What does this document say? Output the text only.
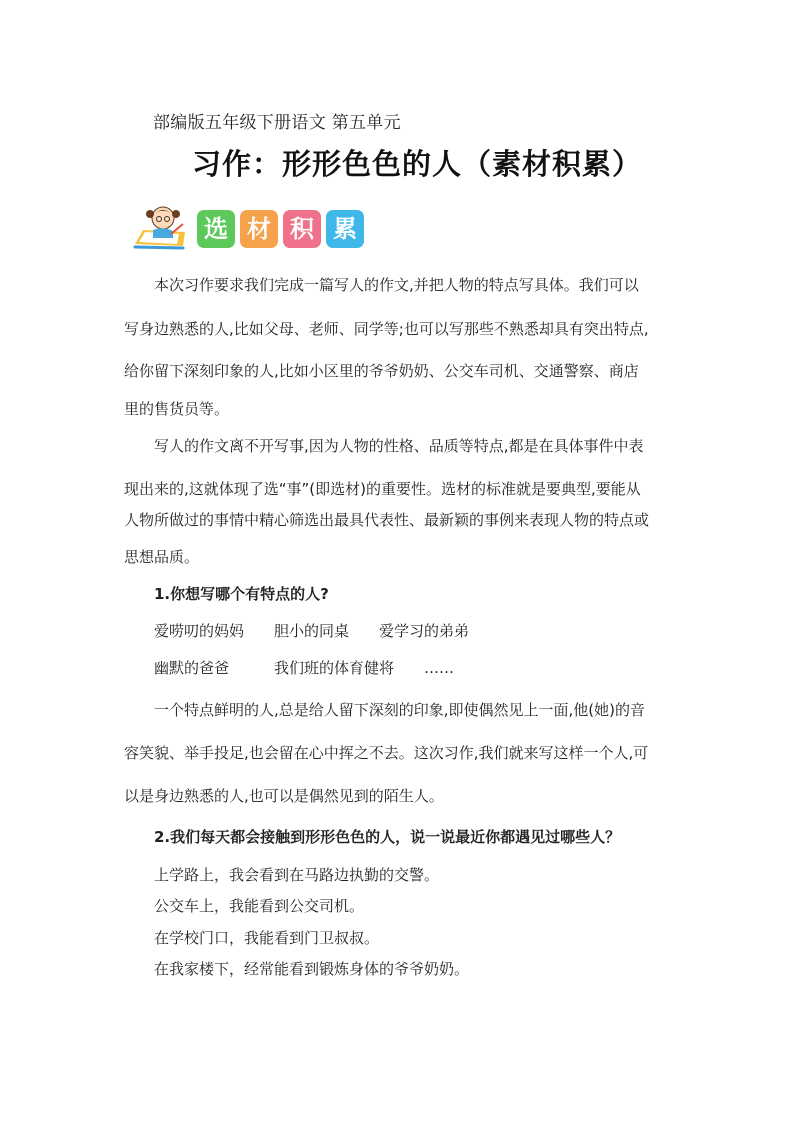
部编版五年级下册语文 第五单元
习作：形形色色的人（素材积累）
选 材 积 累
　　本次习作要求我们完成一篇写人的作文,并把人物的特点写具体。我们可以
写身边熟悉的人,比如父母、老师、同学等;也可以写那些不熟悉却具有突出特点,
给你留下深刻印象的人,比如小区里的爷爷奶奶、公交车司机、交通警察、商店
里的售货员等。
　　写人的作文离不开写事,因为人物的性格、品质等特点,都是在具体事件中表
现出来的,这就体现了选“事”(即选材)的重要性。选材的标准就是要典型,要能从
人物所做过的事情中精心筛选出最具代表性、最新颖的事例来表现人物的特点或
思想品质。
　　1.你想写哪个有特点的人?
　　爱唠叨的妈妈　　胆小的同桌　　爱学习的弟弟
　　幽默的爸爸　　　我们班的体育健将　　……
　　一个特点鲜明的人,总是给人留下深刻的印象,即使偶然见上一面,他(她)的音
容笑貌、举手投足,也会留在心中挥之不去。这次习作,我们就来写这样一个人,可
以是身边熟悉的人,也可以是偶然见到的陌生人。
　　2.我们每天都会接触到形形色色的人，说一说最近你都遇见过哪些人？
　　上学路上，我会看到在马路边执勤的交警。
　　公交车上，我能看到公交司机。
　　在学校门口，我能看到门卫叔叔。
　　在我家楼下，经常能看到锻炼身体的爷爷奶奶。
